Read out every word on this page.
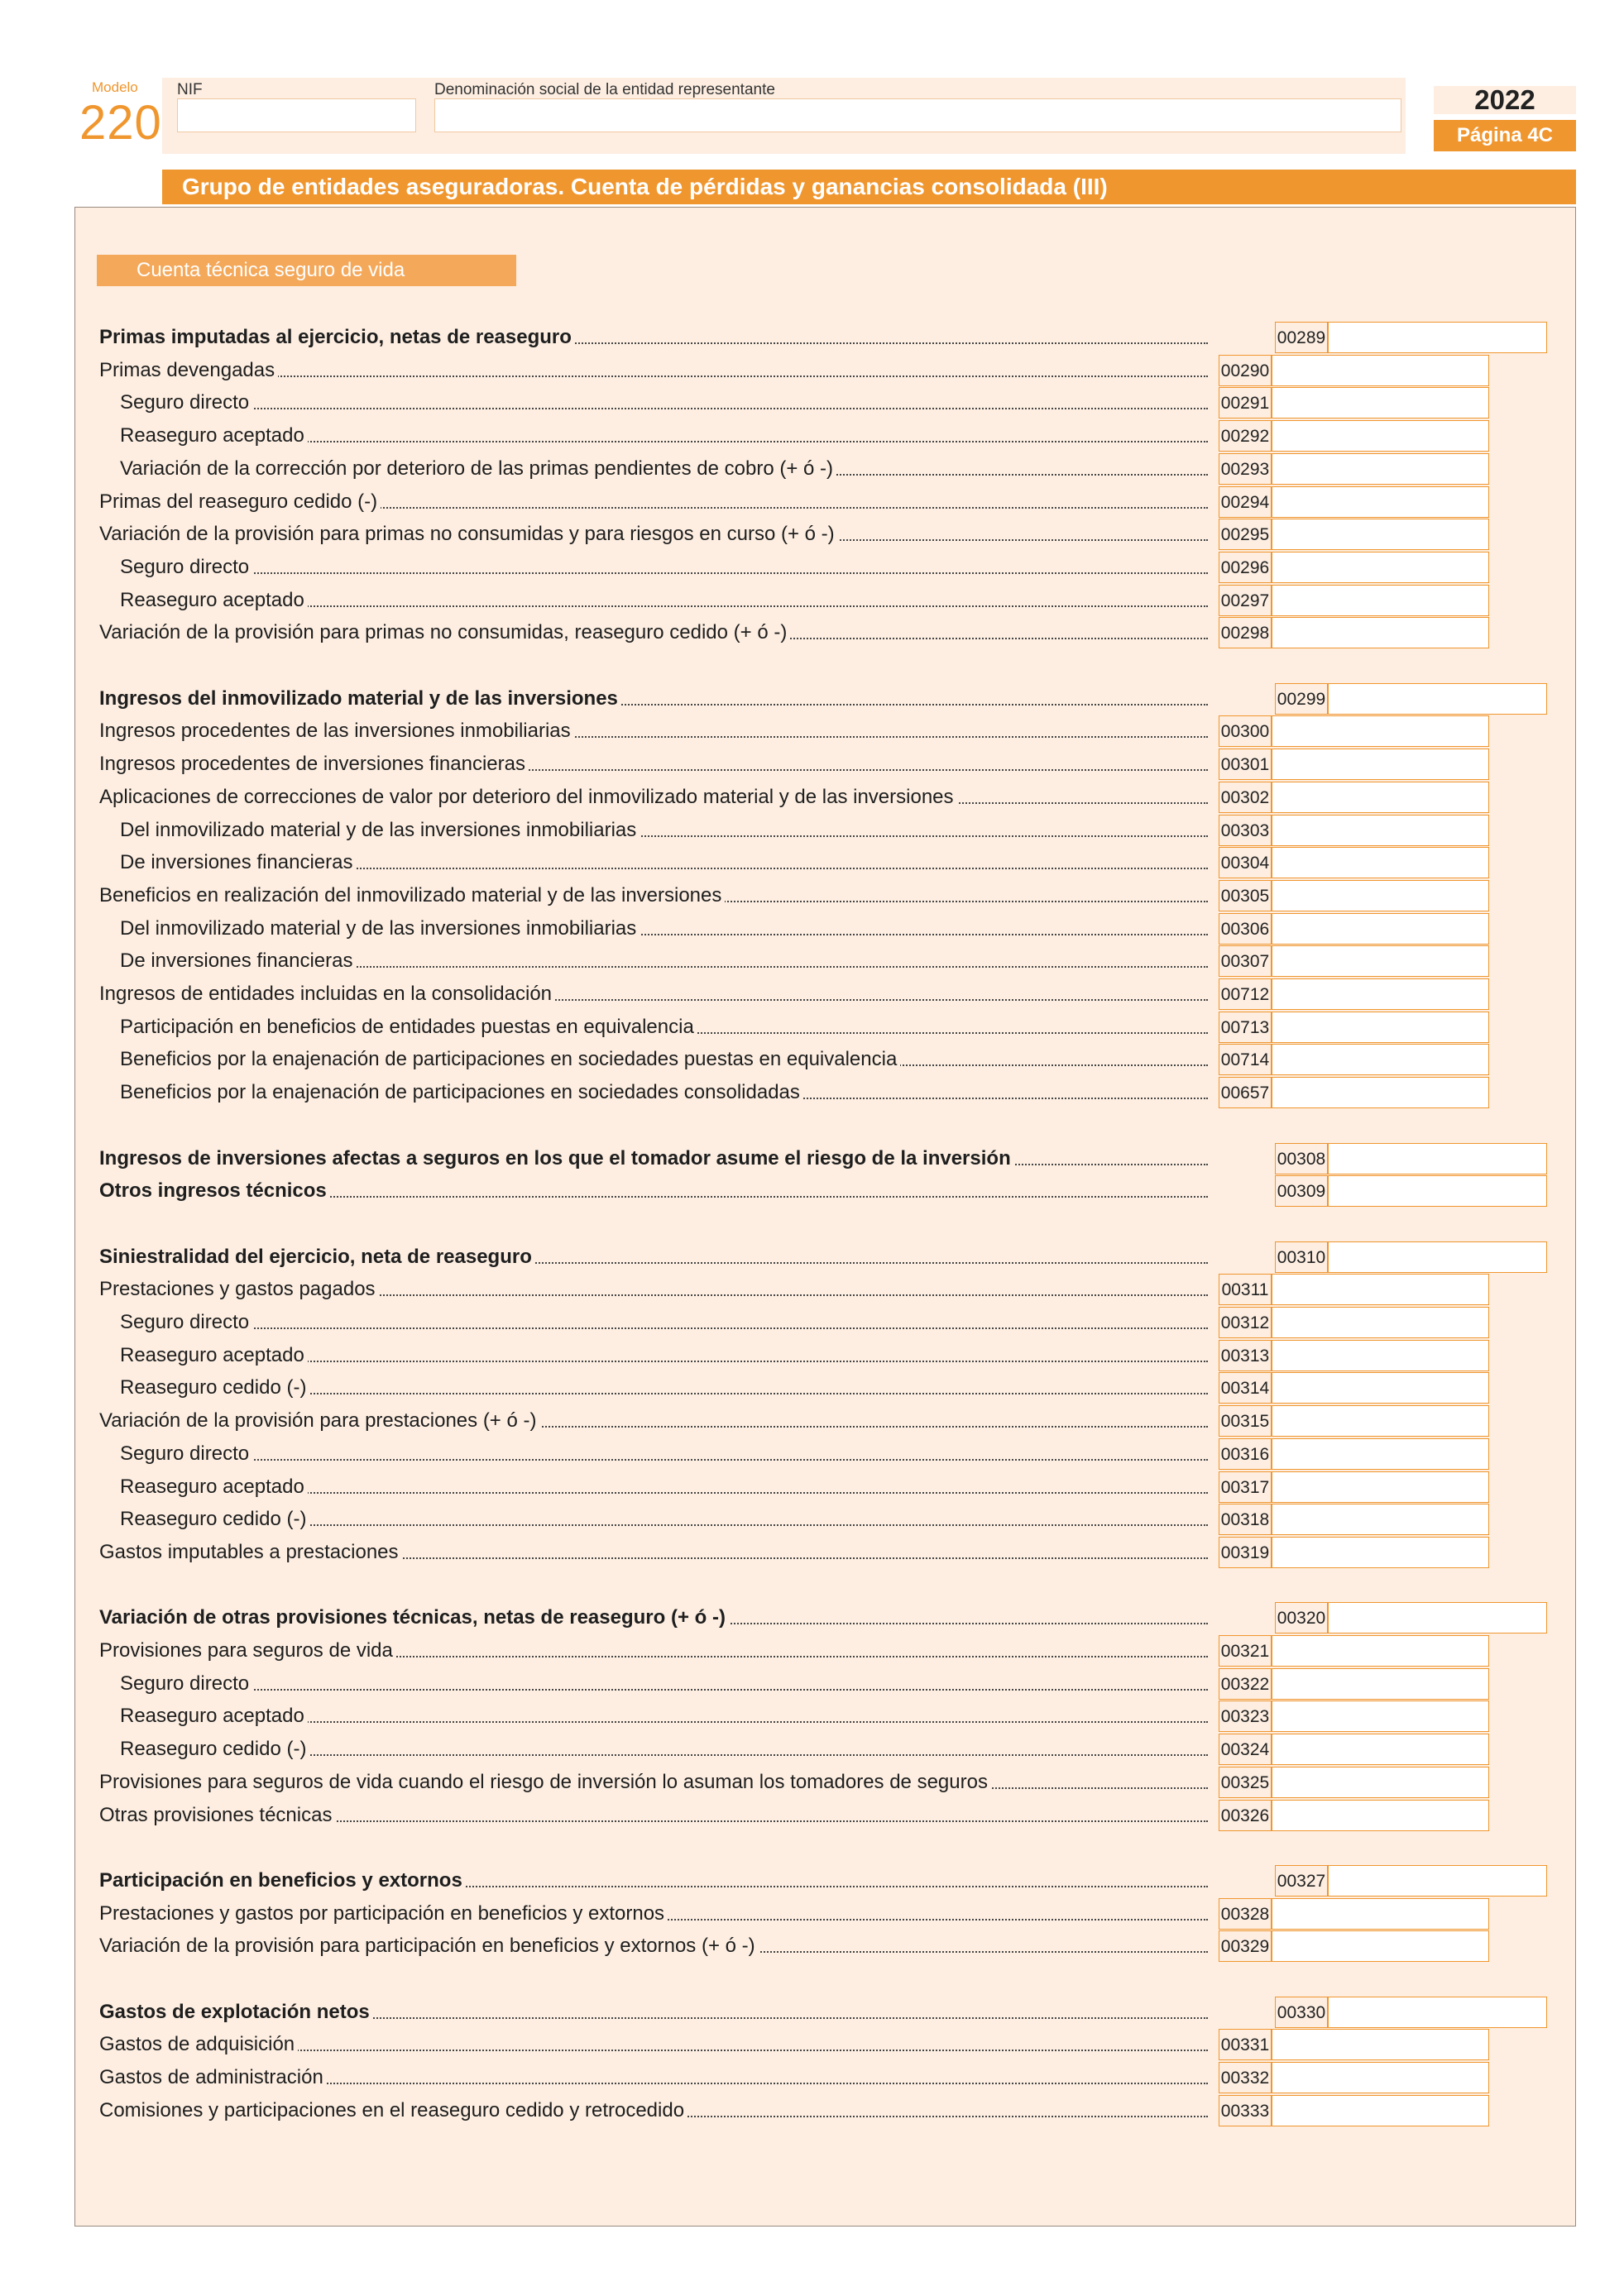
Modelo
220
NIF	Denominación social de la entidad representante	2022
Página 4C
Grupo de entidades aseguradoras. Cuenta de pérdidas y ganancias consolidada (III)
Cuenta técnica seguro de vida
Primas imputadas al ejercicio, netas de reaseguro	00289
Primas devengadas	00290
Seguro directo	00291
Reaseguro aceptado	00292
Variación de la corrección por deterioro de las primas pendientes de cobro (+ ó -)	00293
Primas del reaseguro cedido (-)	00294
Variación de la provisión para primas no consumidas y para riesgos en curso (+ ó -)	00295
Seguro directo	00296
Reaseguro aceptado	00297
Variación de la provisión para primas no consumidas, reaseguro cedido (+ ó -)	00298
Ingresos del inmovilizado material y de las inversiones	00299
Ingresos procedentes de las inversiones inmobiliarias	00300
Ingresos procedentes de inversiones financieras	00301
Aplicaciones de correcciones de valor por deterioro del inmovilizado material y de las inversiones	00302
Del inmovilizado material y de las inversiones inmobiliarias	00303
De inversiones financieras	00304
Beneficios en realización del inmovilizado material y de las inversiones	00305
Del inmovilizado material y de las inversiones inmobiliarias	00306
De inversiones financieras	00307
Ingresos de entidades incluidas en la consolidación	00712
Participación en beneficios de entidades puestas en equivalencia	00713
Beneficios por la enajenación de participaciones en sociedades puestas en equivalencia	00714
Beneficios por la enajenación de participaciones en sociedades consolidadas	00657
Ingresos de inversiones afectas a seguros en los que el tomador asume el riesgo de la inversión	00308
Otros ingresos técnicos	00309
Siniestralidad del ejercicio, neta de reaseguro	00310
Prestaciones y gastos pagados	00311
Seguro directo	00312
Reaseguro aceptado	00313
Reaseguro cedido (-)	00314
Variación de la provisión para prestaciones (+ ó -)	00315
Seguro directo	00316
Reaseguro aceptado	00317
Reaseguro cedido (-)	00318
Gastos imputables a prestaciones	00319
Variación de otras provisiones técnicas, netas de reaseguro (+ ó -)	00320
Provisiones para seguros de vida	00321
Seguro directo	00322
Reaseguro aceptado	00323
Reaseguro cedido (-)	00324
Provisiones para seguros de vida cuando el riesgo de inversión lo asuman los tomadores de seguros	00325
Otras provisiones técnicas	00326
Participación en beneficios y extornos	00327
Prestaciones y gastos por participación en beneficios y extornos	00328
Variación de la provisión para participación en beneficios y extornos (+ ó -)	00329
Gastos de explotación netos	00330
Gastos de adquisición	00331
Gastos de administración	00332
Comisiones y participaciones en el reaseguro cedido y retrocedido	00333
